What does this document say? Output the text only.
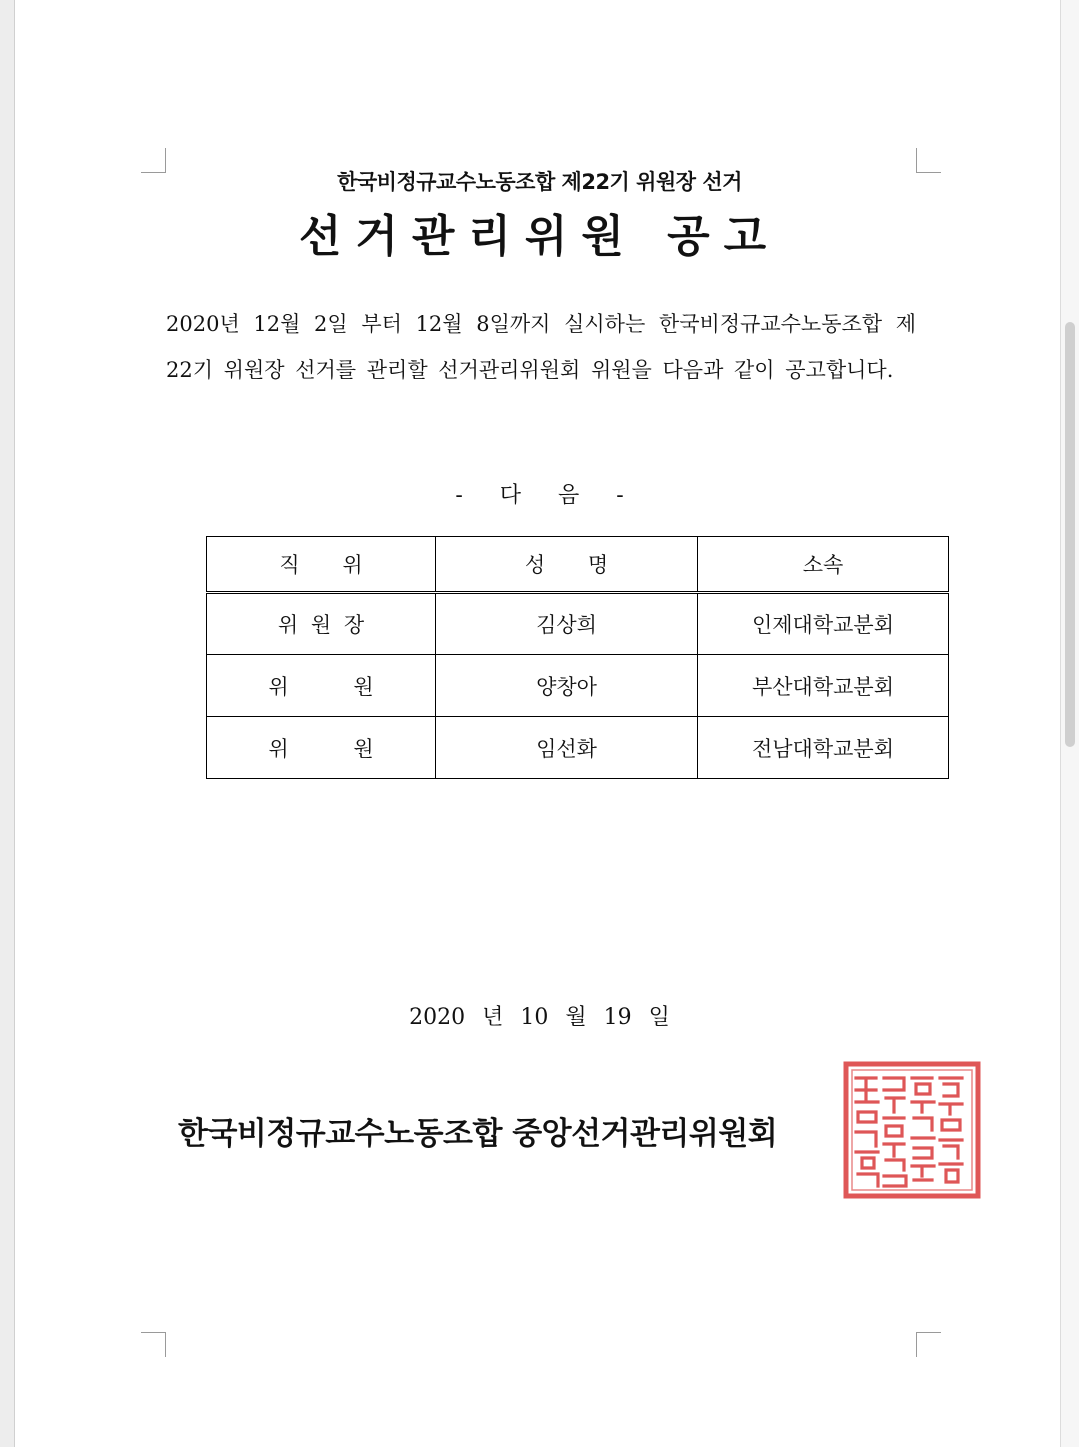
한국비정규교수노동조합 제22기 위원장 선거
선거관리위원 공고
2020년 12월 2일 부터 12월 8일까지 실시하는 한국비정규교수노동조합 제22기 위원장 선거를 관리할 선거관리위원회 위원을 다음과 같이 공고합니다.
- 다 음 -
직 위	성 명	소속
위 원 장	김상희	인제대학교분회
위 원	양창아	부산대학교분회
위 원	임선화	전남대학교분회
2020 년 10 월 19 일
한국비정규교수노동조합 중앙선거관리위원회
